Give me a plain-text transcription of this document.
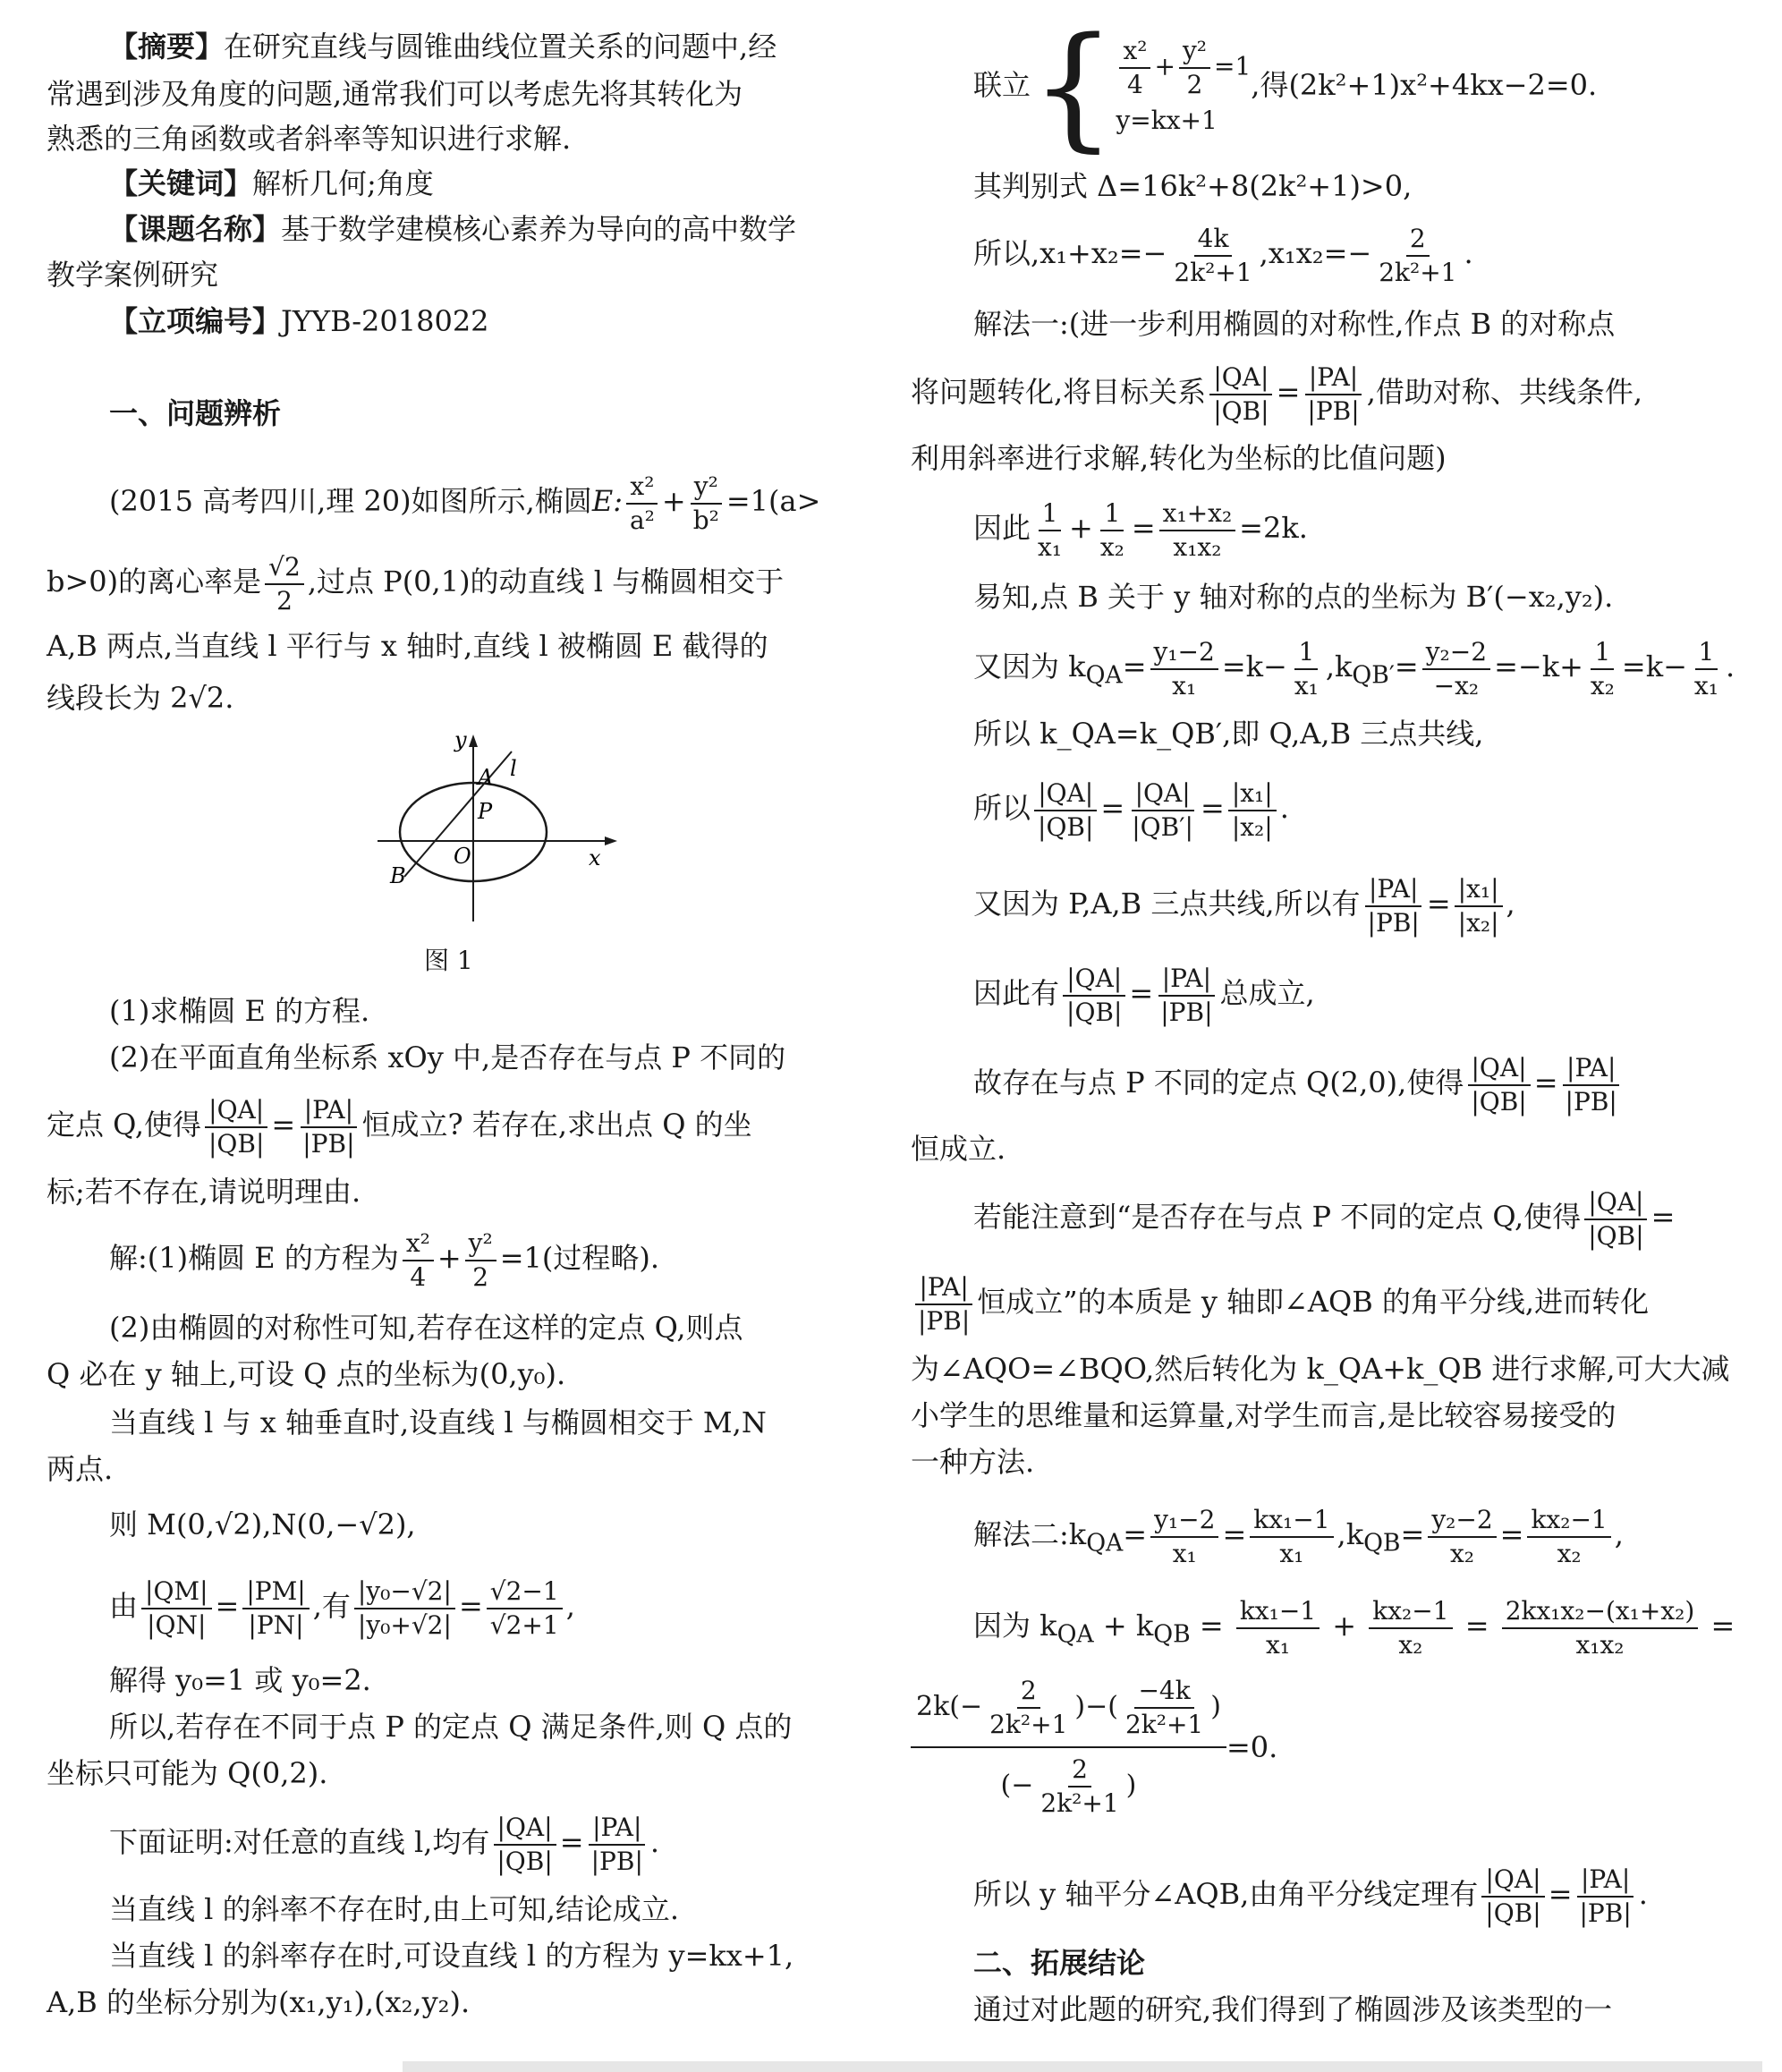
【摘要】在研究直线与圆锥曲线位置关系的问题中,经
常遇到涉及角度的问题,通常我们可以考虑先将其转化为
熟悉的三角函数或者斜率等知识进行求解.
【关键词】解析几何;角度
【课题名称】基于数学建模核心素养为导向的高中数学
教学案例研究
【立项编号】JYYB-2018022
一、问题辨析
(2015 高考四川,理 20)如图所示,椭圆E: $\frac{\text{x²}}{\text{a²}} + \frac{\text{y²}}{\text{b²}} =1(a>$
b>0)的离心率是 $\frac{√2}{2}$ ,过点 P(0,1)的动直线 l 与椭圆相交于
A,B 两点,当直线 l 平行与 x 轴时,直线 l 被椭圆 E 截得的
线段长为 2√2.
y
x
O
A l
P
B
图 1
(1)求椭圆 E 的方程.
(2)在平面直角坐标系 xOy 中,是否存在与点 P 不同的
定点 Q,使得 $\frac{|QA|}{|QB|} = \frac{|PA|}{|PB|}$ 恒成立? 若存在,求出点 Q 的坐
标;若不存在,请说明理由.
解:(1)椭圆 E 的方程为 $\frac{\text{x²}}{4} + \frac{\text{y²}}{2} =1$(过程略).
(2)由椭圆的对称性可知,若存在这样的定点 Q,则点
Q 必在 y 轴上,可设 Q 点的坐标为(0,y₀).
当直线 l 与 x 轴垂直时,设直线 l 与椭圆相交于 M,N
两点.
则 M(0,√2),N(0,−√2),
由 $\frac{|QM|}{|QN|} = \frac{|PM|}{|PN|}$ ,有 $\frac{\text{|y₀−√2|}}{\text{|y₀+√2|}} = \frac{√2-1}{√2+1}$ ,
解得 y₀=1 或 y₀=2.
所以,若存在不同于点 P 的定点 Q 满足条件,则 Q 点的
坐标只可能为 Q(0,2).
下面证明:对任意的直线 l,均有 $\frac{|QA|}{|QB|} = \frac{|PA|}{|PB|}$ .
当直线 l 的斜率不存在时,由上可知,结论成立.
当直线 l 的斜率存在时,可设直线 l 的方程为 y=kx+1,
A,B 的坐标分别为(x₁,y₁),(x₂,y₂).
联立{ $\frac{\text{x²}}{4} + \frac{\text{y²}}{2} =1$
y=kx+1
,得(2k²+1)x²+4kx−2=0.
其判别式 Δ=16k²+8(2k²+1)>0,
所以$,x_1+x_2=- \frac{4k}{\text{2k²+1}} ,x_1x_2=- \frac{2}{\text{2k²+1}}$ .
解法一:(进一步利用椭圆的对称性,作点 B 的对称点
将问题转化,将目标关系 $\frac{|QA|}{|QB|} = \frac{|PA|}{|PB|}$ ,借助对称、共线条件,
利用斜率进行求解,转化为坐标的比值问题)
因此 $\frac{1}{\text{x₁}} + \frac{1}{\text{x₂}} = \frac{\text{x₁+x₂}}{\text{x₁x₂}} =2k$.
易知,点 B 关于 y 轴对称的点的坐标为 B′(−x₂,y₂).
又因为 $k_{QA}= \frac{\text{y₁−2}}{\text{x₁}} =k- \frac{1}{\text{x₁}} ,k_{QB'}= \frac{\text{y₂−2}}{\text{−x₂}} =-k+ \frac{1}{\text{x₂}} =k- \frac{1}{\text{x₁}}$ .
所以 k_QA=k_QB′,即 Q,A,B 三点共线,
所以 $\frac{|QA|}{|QB|} = \frac{|QA|}{|QB'|} = \frac{\text{|x₁|}}{\text{|x₂|}}$ .
又因为 P,A,B 三点共线,所以有 $\frac{|PA|}{|PB|} = \frac{\text{|x₁|}}{\text{|x₂|}}$ ,
因此有 $\frac{|QA|}{|QB|} = \frac{|PA|}{|PB|}$ 总成立,
故存在与点 P 不同的定点 Q(2,0),使得 $\frac{|QA|}{|QB|} = \frac{|PA|}{|PB|}$
恒成立.
若能注意到“是否存在与点 P 不同的定点 Q,使得 $\frac{|QA|}{|QB|}$ =
$\frac{|PA|}{|PB|}$ 恒成立”的本质是 y 轴即∠AQB 的角平分线,进而转化
为∠AQO=∠BQO,然后转化为 k_QA+k_QB 进行求解,可大大减
小学生的思维量和运算量,对学生而言,是比较容易接受的
一种方法.
解法二$:k_{QA}= \frac{\text{y₁−2}}{\text{x₁}} = \frac{\text{kx₁−1}}{\text{x₁}} ,k_{QB}= \frac{\text{y₂−2}}{\text{x₂}} = \frac{\text{kx₂−1}}{\text{x₂}}$ ,
因为 $k_{QA} + k_{QB} = \frac{\text{kx₁−1}}{\text{x₁}} + \frac{\text{kx₂−1}}{\text{x₂}} = \frac{\text{2kx₁x₂−(x₁+x₂)}}{\text{x₁x₂}}$ =
$\frac{2k(- \frac{2}{\text{2k²+1}} )-( \frac{-4k}{\text{2k²+1}} )}{(- \frac{2}{\text{2k²+1}} )} =0$.
所以 y 轴平分∠AQB,由角平分线定理有 $\frac{|QA|}{|QB|} = \frac{|PA|}{|PB|}$ .
二、拓展结论
通过对此题的研究,我们得到了椭圆涉及该类型的一
